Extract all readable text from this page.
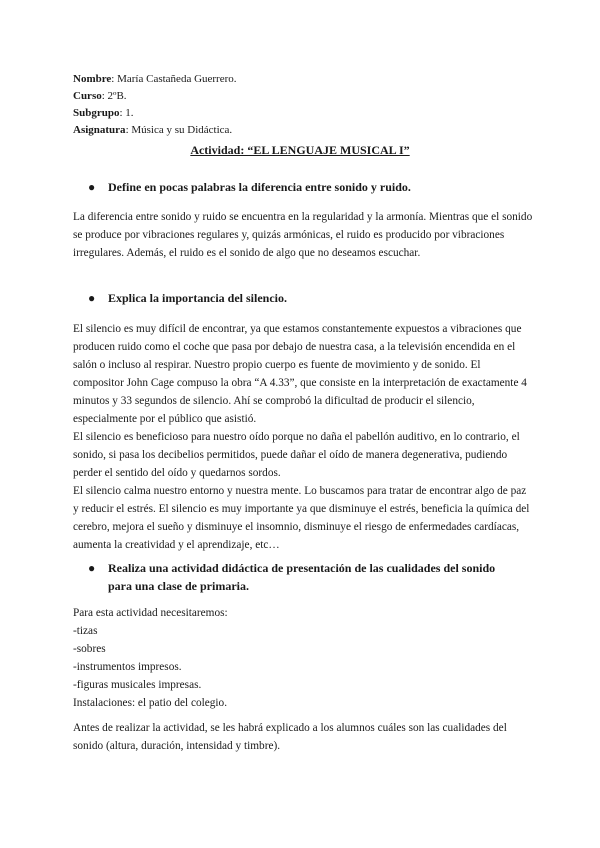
Nombre: María Castañeda Guerrero.
Curso: 2ºB.
Subgrupo: 1.
Asignatura: Música y su Didáctica.
Actividad: “EL LENGUAJE MUSICAL I”
● Define en pocas palabras la diferencia entre sonido y ruido.

La diferencia entre sonido y ruido se encuentra en la regularidad y la armonía. Mientras que el sonido se produce por vibraciones regulares y, quizás armónicas, el ruido es producido por vibraciones irregulares. Además, el ruido es el sonido de algo que no deseamos escuchar.

● Explica la importancia del silencio.

El silencio es muy difícil de encontrar, ya que estamos constantemente expuestos a vibraciones que producen ruido como el coche que pasa por debajo de nuestra casa, a la televisión encendida en el salón o incluso al respirar. Nuestro propio cuerpo es fuente de movimiento y de sonido. El compositor John Cage compuso la obra “A 4.33”, que consiste en la interpretación de exactamente 4 minutos y 33 segundos de silencio. Ahí se comprobó la dificultad de producir el silencio, especialmente por el público que asistió.

El silencio es beneficioso para nuestro oído porque no daña el pabellón auditivo, en lo contrario, el sonido, si pasa los decibelios permitidos, puede dañar el oído de manera degenerativa, pudiendo perder el sentido del oído y quedarnos sordos.

El silencio calma nuestro entorno y nuestra mente. Lo buscamos para tratar de encontrar algo de paz y reducir el estrés. El silencio es muy importante ya que disminuye el estrés, beneficia la química del cerebro, mejora el sueño y disminuye el insomnio, disminuye el riesgo de enfermedades cardíacas, aumenta la creatividad y el aprendizaje, etc…

● Realiza una actividad didáctica de presentación de las cualidades del sonido para una clase de primaria.
Para esta actividad necesitaremos:
-tizas
-sobres
-instrumentos impresos.
-figuras musicales impresas.
Instalaciones: el patio del colegio.

Antes de realizar la actividad, se les habrá explicado a los alumnos cuáles son las cualidades del sonido (altura, duración, intensidad y timbre).
